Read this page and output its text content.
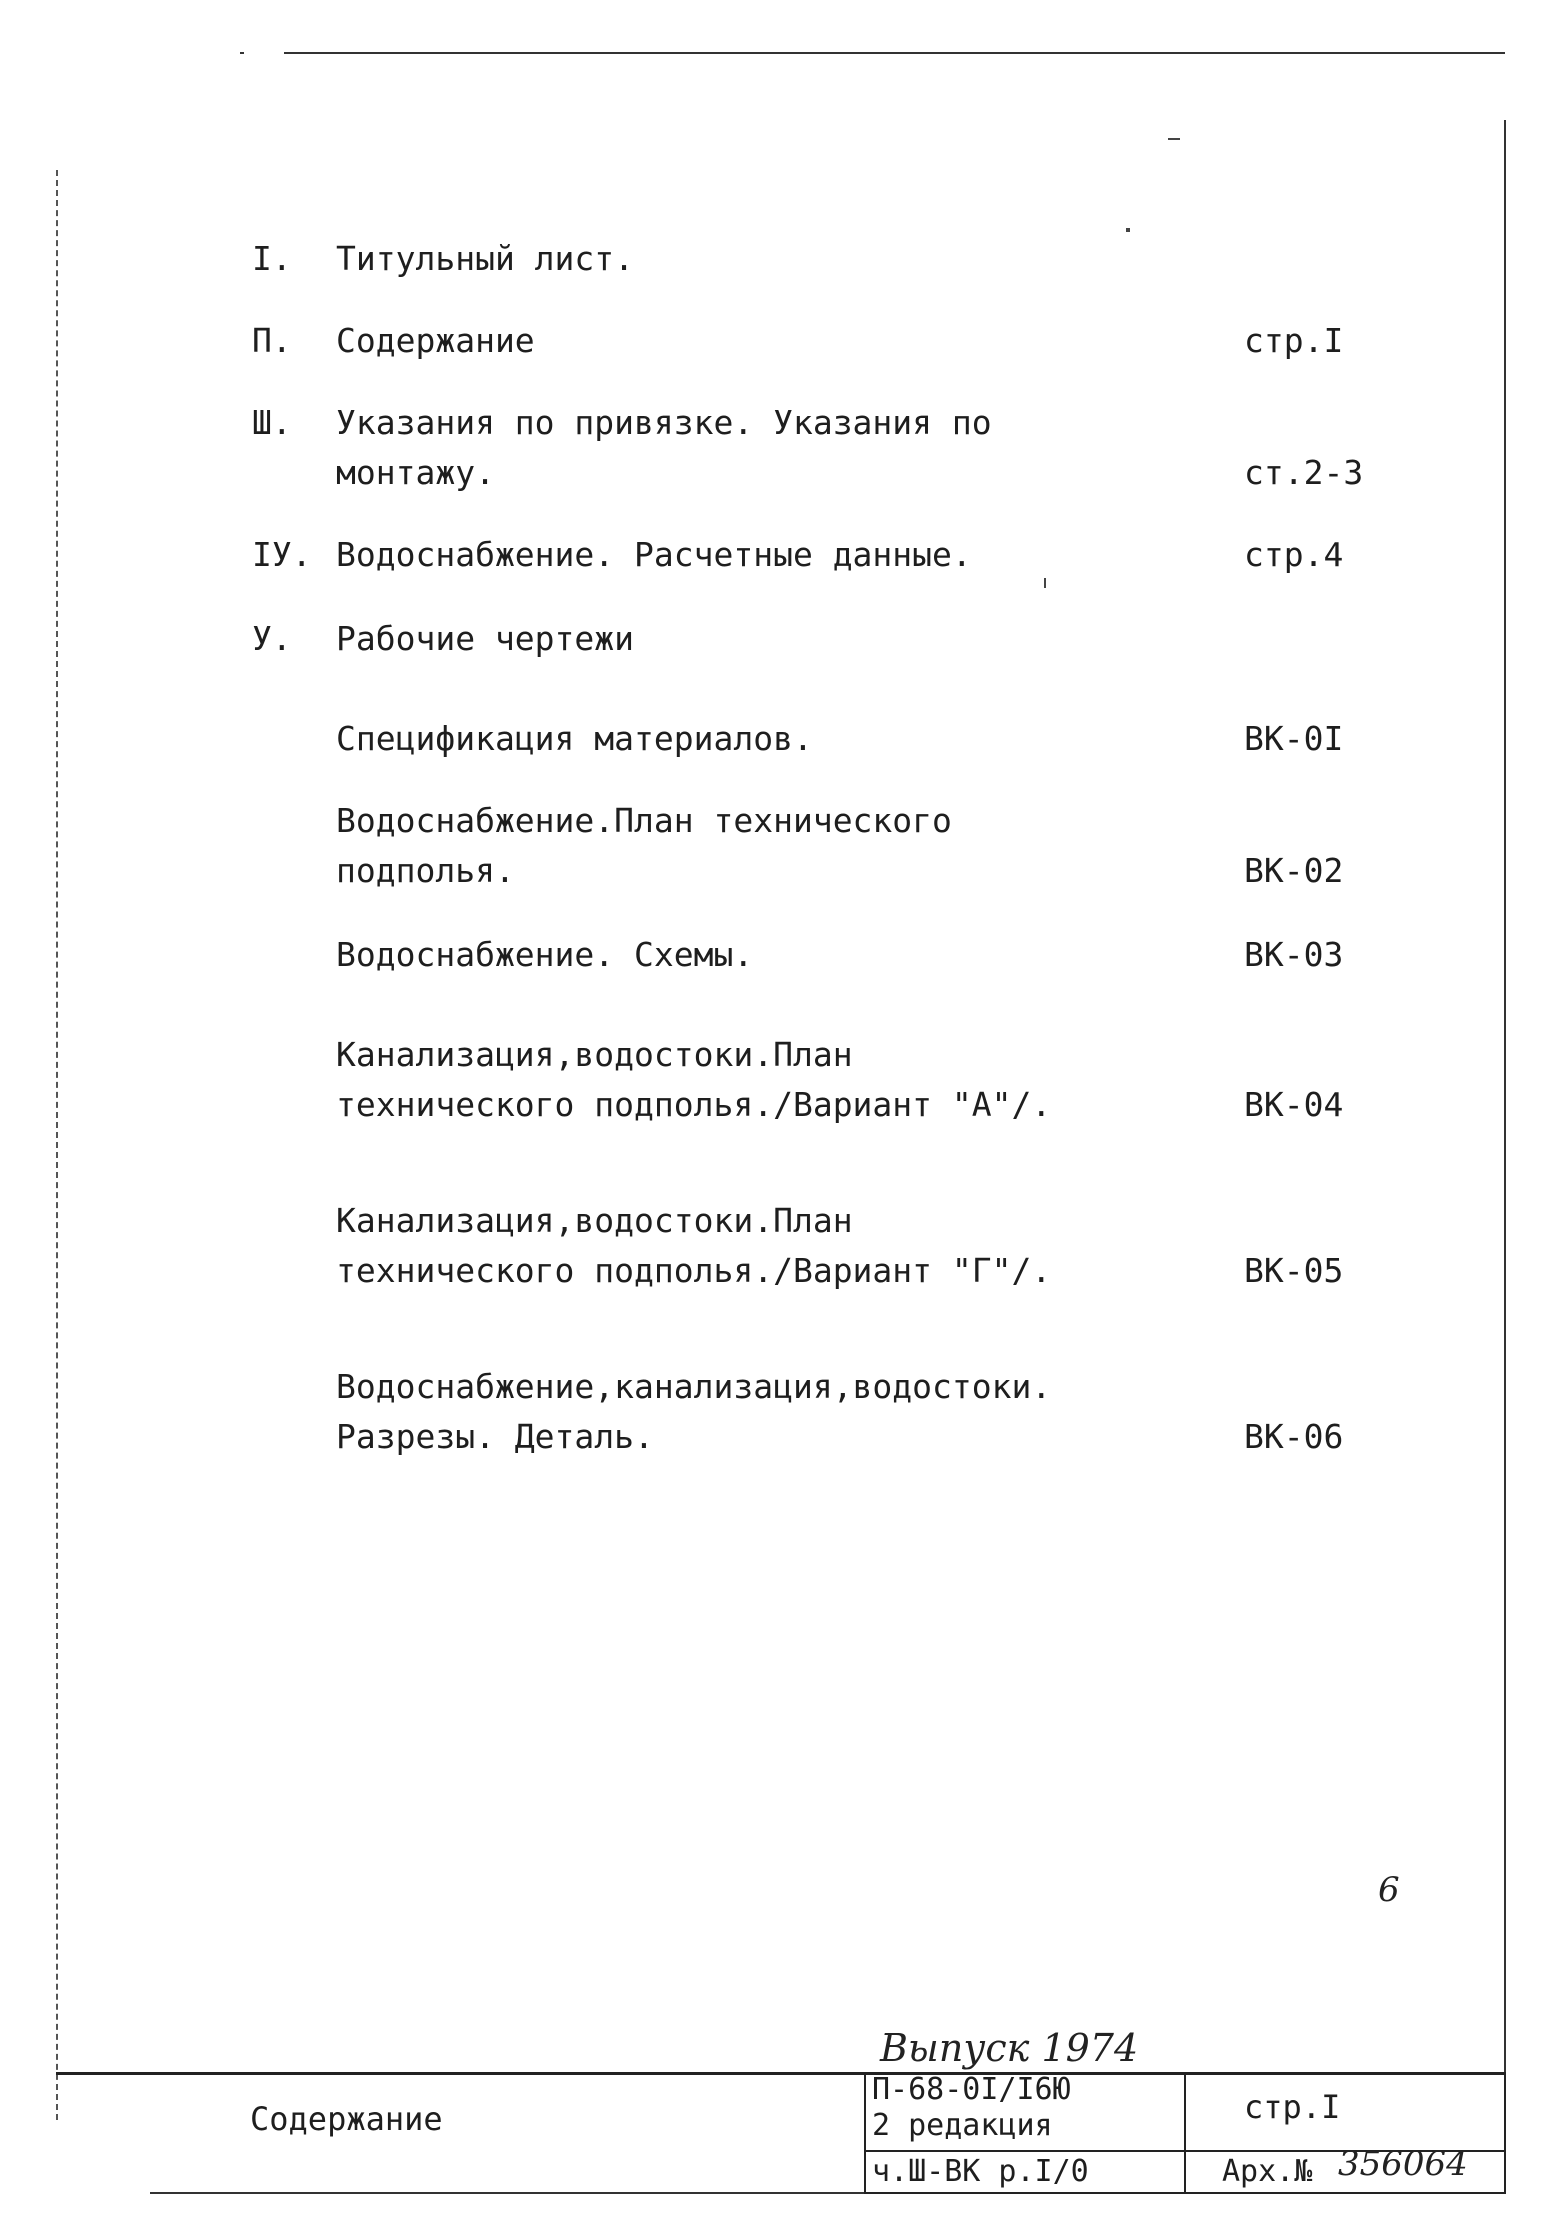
I. Титульный лист.
П. Содержание	стр.I
Ш. Указания по привязке. Указания по
монтажу.	ст.2-3
IУ. Водоснабжение. Расчетные данные.	стр.4
У. Рабочие чертежи
Спецификация материалов.	ВК-0I
Водоснабжение.План технического
подполья.	ВК-02
Водоснабжение. Схемы.	ВК-03
Канализация,водостоки.План
технического подполья./Вариант "А"/.	ВК-04
Канализация,водостоки.План
технического подполья./Вариант "Г"/.	ВК-05
Водоснабжение,канализация,водостоки.
Разрезы. Деталь.	ВК-06
6
Выпуск 1974
Содержание
П-68-0I/I6Ю
2 редакция	стр.I
ч.Ш-ВК р.I/0	Арх.№ 356064
